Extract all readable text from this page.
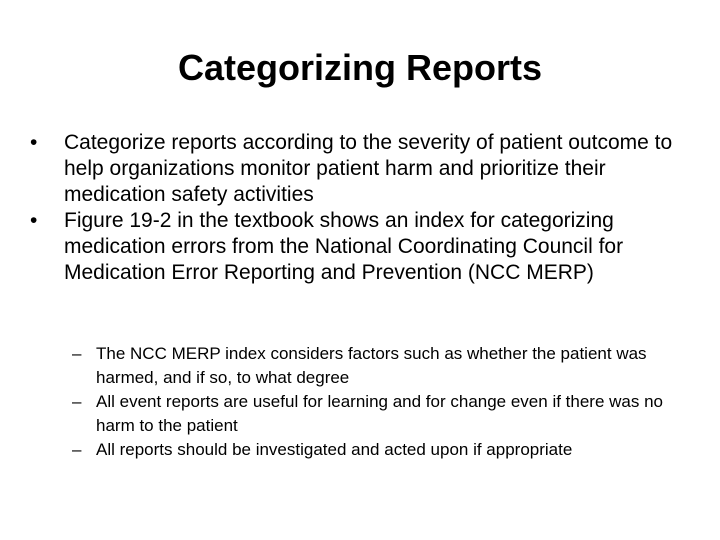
Categorizing Reports
• Categorize reports according to the severity of patient outcome to help organizations monitor patient harm and prioritize their medication safety activities
• Figure 19-2 in the textbook shows an index for categorizing medication errors from the National Coordinating Council for Medication Error Reporting and Prevention (NCC MERP)
– The NCC MERP index considers factors such as whether the patient was harmed, and if so, to what degree
– All event reports are useful for learning and for change even if there was no harm to the patient
– All reports should be investigated and acted upon if appropriate
